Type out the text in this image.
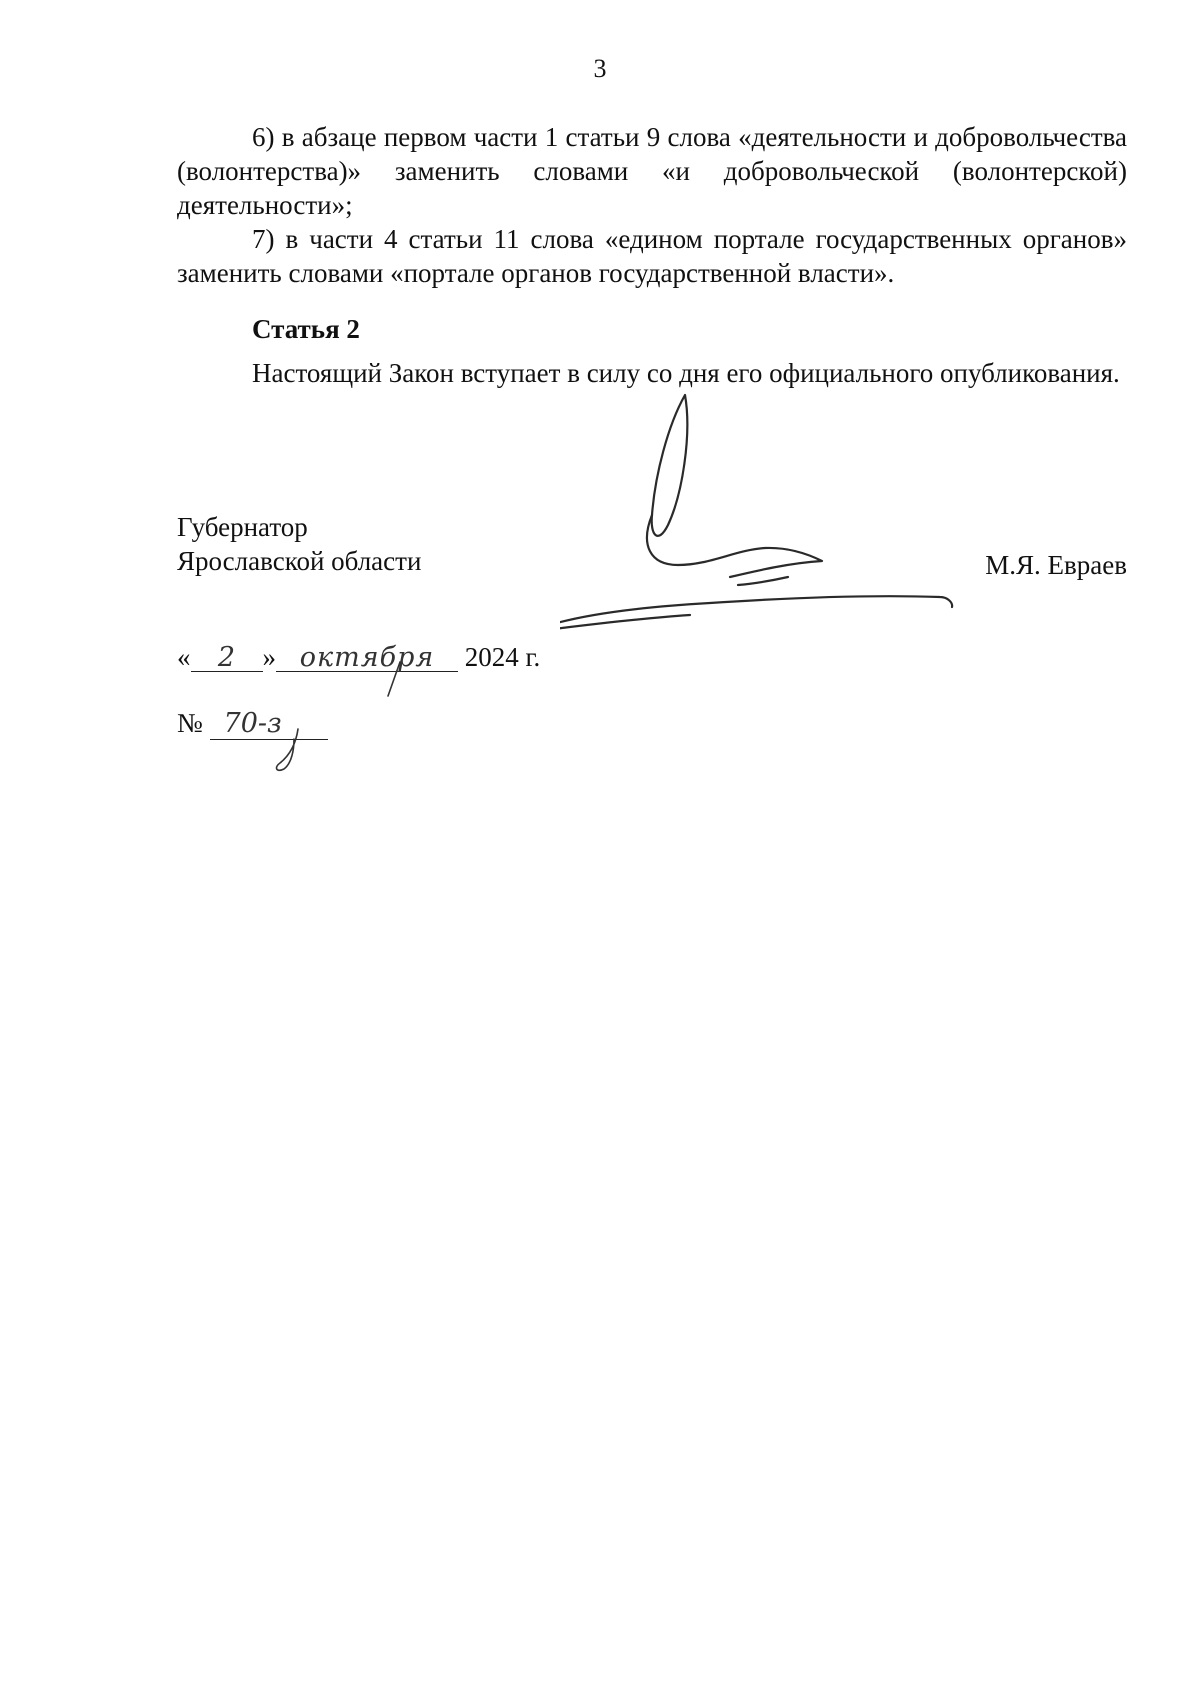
3

6) в абзаце первом части 1 статьи 9 слова «деятельности и добровольчества (волонтерства)» заменить словами «и добровольческой (волонтерской) деятельности»;

7) в части 4 статьи 11 слова «едином портале государственных органов» заменить словами «портале органов государственной власти».

Статья 2

Настоящий Закон вступает в силу со дня его официального опубликования.

Губернатор
Ярославской области	М.Я. Евраев
« 2 » октября 2024 г.
№ 70-з
